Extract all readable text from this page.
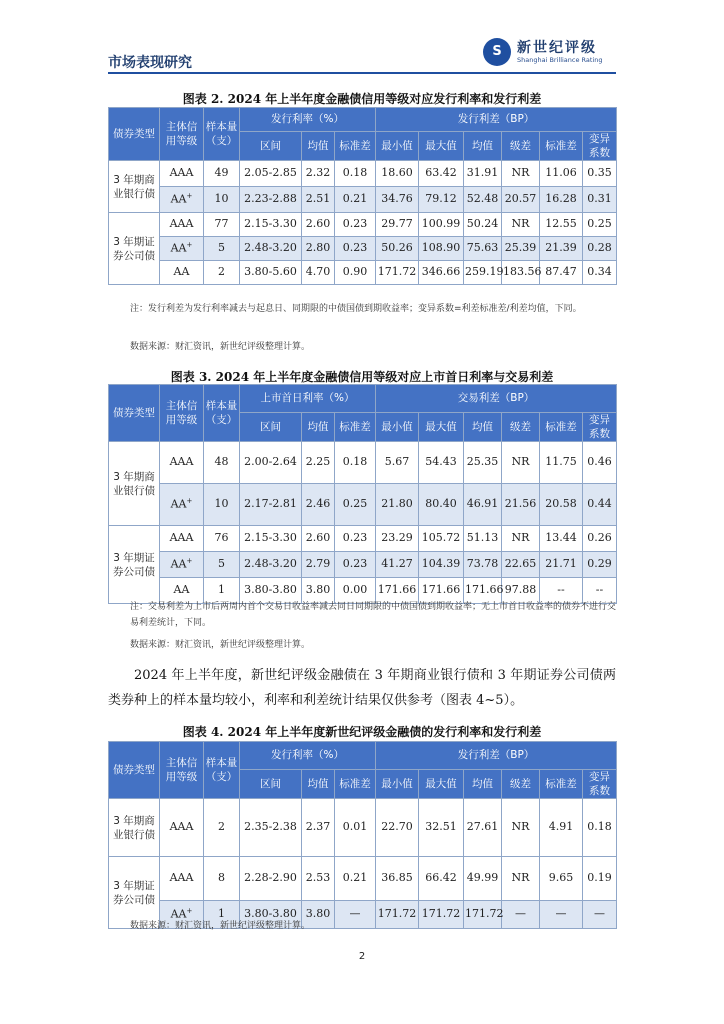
市场表现研究
S	新世纪评级
Shanghai Brilliance Rating
图表 2. 2024 年上半年度金融债信用等级对应发行利率和发行利差
债券类型	主体信用等级	样本量（支）	发行利率（%）			发行利差（BP）					
			区间	均值	标准差	最小值	最大值	均值	级差	标准差	变异系数
3 年期商业银行债	AAA	49	2.05-2.85	2.32	0.18	18.60	63.42	31.91	NR	11.06	0.35
	AA+	10	2.23-2.88	2.51	0.21	34.76	79.12	52.48	20.57	16.28	0.31
3 年期证券公司债	AAA	77	2.15-3.30	2.60	0.23	29.77	100.99	50.24	NR	12.55	0.25
	AA+	5	2.48-3.20	2.80	0.23	50.26	108.90	75.63	25.39	21.39	0.28
	AA	2	3.80-5.60	4.70	0.90	171.72	346.66	259.19	183.56	87.47	0.34
注：发行利差为发行利率减去与起息日、同期限的中债国债到期收益率；变异系数=利差标准差/利差均值，下同。
数据来源：财汇资讯，新世纪评级整理计算。
图表 3. 2024 年上半年度金融债信用等级对应上市首日利率与交易利差
债券类型	主体信用等级	样本量（支）	上市首日利率（%）			交易利差（BP）					
			区间	均值	标准差	最小值	最大值	均值	级差	标准差	变异系数
3 年期商业银行债	AAA	48	2.00-2.64	2.25	0.18	5.67	54.43	25.35	NR	11.75	0.46
	AA+	10	2.17-2.81	2.46	0.25	21.80	80.40	46.91	21.56	20.58	0.44
3 年期证券公司债	AAA	76	2.15-3.30	2.60	0.23	23.29	105.72	51.13	NR	13.44	0.26
	AA+	5	2.48-3.20	2.79	0.23	41.27	104.39	73.78	22.65	21.71	0.29
	AA	1	3.80-3.80	3.80	0.00	171.66	171.66	171.66	97.88	--	--
注：交易利差为上市后两周内首个交易日收益率减去同日同期限的中债国债到期收益率；无上市首日收益率的债券不进行交易利差统计，下同。
数据来源：财汇资讯，新世纪评级整理计算。
2024 年上半年度，新世纪评级金融债在 3 年期商业银行债和 3 年期证券公司债两类券种上的样本量均较小，利率和利差统计结果仅供参考（图表 4~5）。
图表 4. 2024 年上半年度新世纪评级金融债的发行利率和发行利差
债券类型	主体信用等级	样本量（支）	发行利率（%）			发行利差（BP）					
			区间	均值	标准差	最小值	最大值	均值	级差	标准差	变异系数
3 年期商业银行债	AAA	2	2.35-2.38	2.37	0.01	22.70	32.51	27.61	NR	4.91	0.18
3 年期证券公司债	AAA	8	2.28-2.90	2.53	0.21	36.85	66.42	49.99	NR	9.65	0.19
	AA+	1	3.80-3.80	3.80	—	171.72	171.72	171.72	—	—	—
数据来源：财汇资讯，新世纪评级整理计算。
2
